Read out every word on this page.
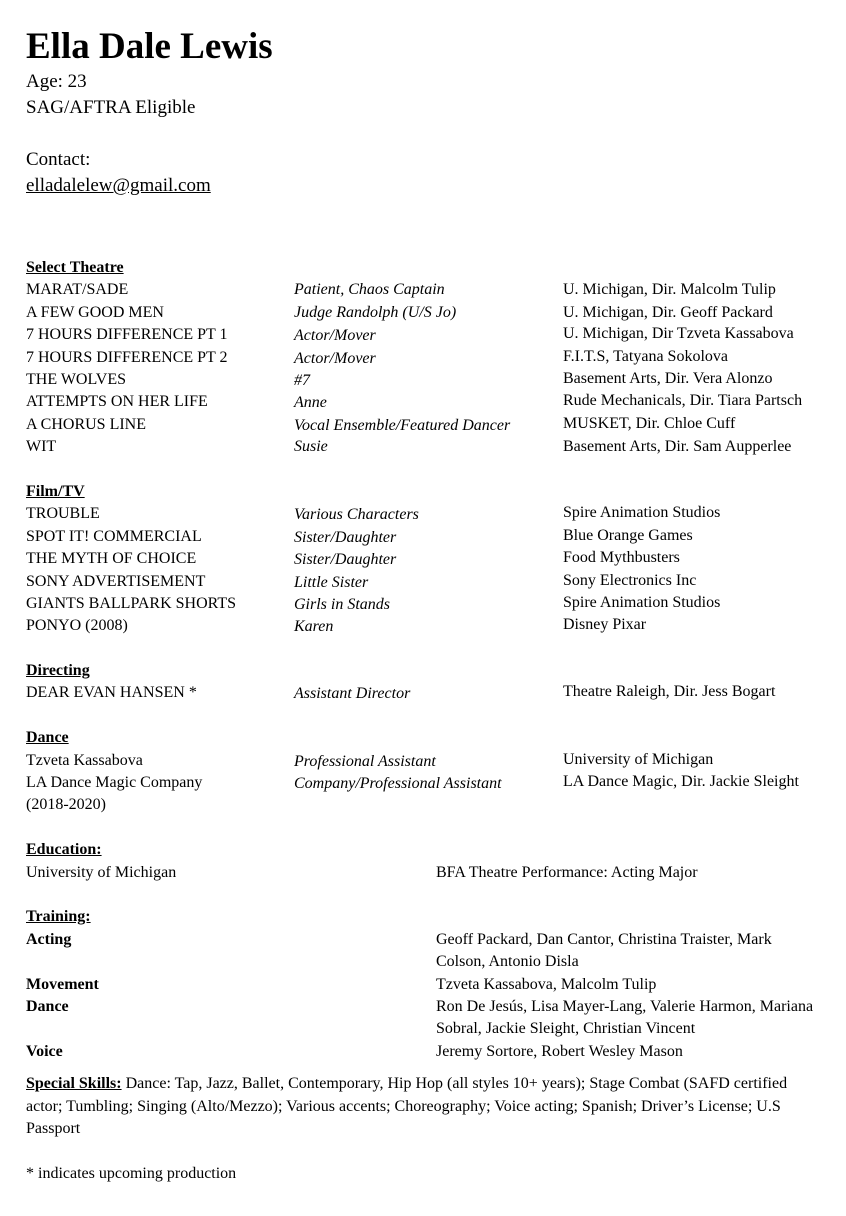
Ella Dale Lewis
Age: 23
SAG/AFTRA Eligible
Contact:
elladalelew@gmail.com
Select Theatre
MARAT/SADE	Patient, Chaos Captain	U. Michigan, Dir. Malcolm Tulip
A FEW GOOD MEN	Judge Randolph (U/S Jo)	U. Michigan, Dir. Geoff Packard
7 HOURS DIFFERENCE PT 1	Actor/Mover	U. Michigan, Dir Tzveta Kassabova
7 HOURS DIFFERENCE PT 2	Actor/Mover	F.I.T.S, Tatyana Sokolova
THE WOLVES	#7	Basement Arts, Dir. Vera Alonzo
ATTEMPTS ON HER LIFE	Anne	Rude Mechanicals, Dir. Tiara Partsch
A CHORUS LINE	Vocal Ensemble/Featured Dancer	MUSKET, Dir. Chloe Cuff
WIT	Susie	Basement Arts, Dir. Sam Aupperlee
Film/TV
TROUBLE	Various Characters	Spire Animation Studios
SPOT IT! COMMERCIAL	Sister/Daughter	Blue Orange Games
THE MYTH OF CHOICE	Sister/Daughter	Food Mythbusters
SONY ADVERTISEMENT	Little Sister	Sony Electronics Inc
GIANTS BALLPARK SHORTS	Girls in Stands	Spire Animation Studios
PONYO (2008)	Karen	Disney Pixar
Directing
DEAR EVAN HANSEN *	Assistant Director	Theatre Raleigh, Dir. Jess Bogart
Dance
Tzveta Kassabova	Professional Assistant	University of Michigan
LA Dance Magic Company	Company/Professional Assistant	LA Dance Magic, Dir. Jackie Sleight
(2018-2020)
Education:
University of Michigan	BFA Theatre Performance: Acting Major
Training:
Acting	Geoff Packard, Dan Cantor, Christina Traister, Mark Colson, Antonio Disla
Movement	Tzveta Kassabova, Malcolm Tulip
Dance	Ron De Jesús, Lisa Mayer-Lang, Valerie Harmon, Mariana Sobral, Jackie Sleight, Christian Vincent
Voice	Jeremy Sortore, Robert Wesley Mason
Special Skills: Dance: Tap, Jazz, Ballet, Contemporary, Hip Hop (all styles 10+ years); Stage Combat (SAFD certified actor; Tumbling; Singing (Alto/Mezzo); Various accents; Choreography; Voice acting; Spanish; Driver’s License; U.S Passport
* indicates upcoming production
